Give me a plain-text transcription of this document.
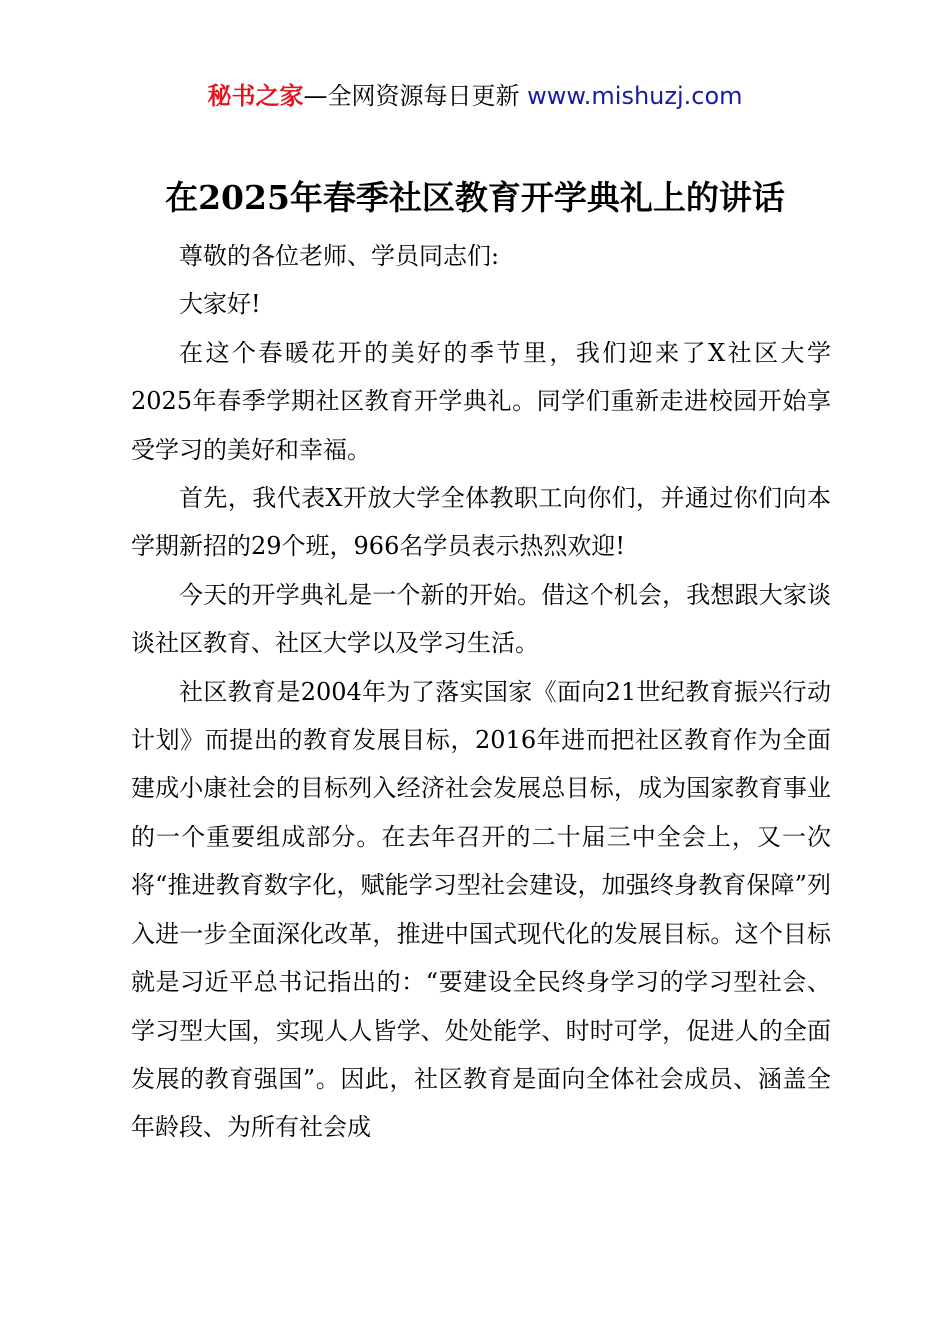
秘书之家—全网资源每日更新 www.mishuzj.com
在2025年春季社区教育开学典礼上的讲话

尊敬的各位老师、学员同志们:

大家好!

在这个春暖花开的美好的季节里，我们迎来了X社区大学2025年春季学期社区教育开学典礼。同学们重新走进校园开始享受学习的美好和幸福。

首先，我代表X开放大学全体教职工向你们，并通过你们向本学期新招的29个班，966名学员表示热烈欢迎!

今天的开学典礼是一个新的开始。借这个机会，我想跟大家谈谈社区教育、社区大学以及学习生活。

社区教育是2004年为了落实国家《面向21世纪教育振兴行动计划》而提出的教育发展目标，2016年进而把社区教育作为全面建成小康社会的目标列入经济社会发展总目标，成为国家教育事业的一个重要组成部分。在去年召开的二十届三中全会上，又一次将“推进教育数字化，赋能学习型社会建设，加强终身教育保障”列入进一步全面深化改革，推进中国式现代化的发展目标。这个目标就是习近平总书记指出的：“要建设全民终身学习的学习型社会、学习型大国，实现人人皆学、处处能学、时时可学，促进人的全面发展的教育强国”。因此，社区教育是面向全体社会成员、涵盖全年龄段、为所有社会成
